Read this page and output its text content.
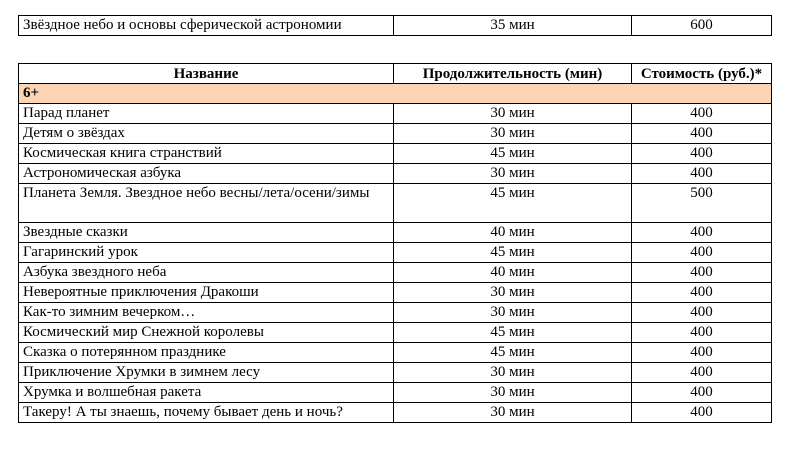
Звёздное небо и основы сферической астрономии	35 мин	600
Название	Продолжительность (мин)	Стоимость (руб.)*
6+		
Парад планет	30 мин	400
Детям о звёздах	30 мин	400
Космическая книга странствий	45 мин	400
Астрономическая азбука	30 мин	400
Планета Земля. Звездное небо весны/лета/осени/зимы	45 мин	500
Звездные сказки	40 мин	400
Гагаринский урок	45 мин	400
Азбука звездного неба	40 мин	400
Невероятные приключения Дракоши	30 мин	400
Как-то зимним вечерком…	30 мин	400
Космический мир Снежной королевы	45 мин	400
Сказка о потерянном празднике	45 мин	400
Приключение Хрумки в зимнем лесу	30 мин	400
Хрумка и волшебная ракета	30 мин	400
Такеру! А ты знаешь, почему бывает день и ночь?	30 мин	400
